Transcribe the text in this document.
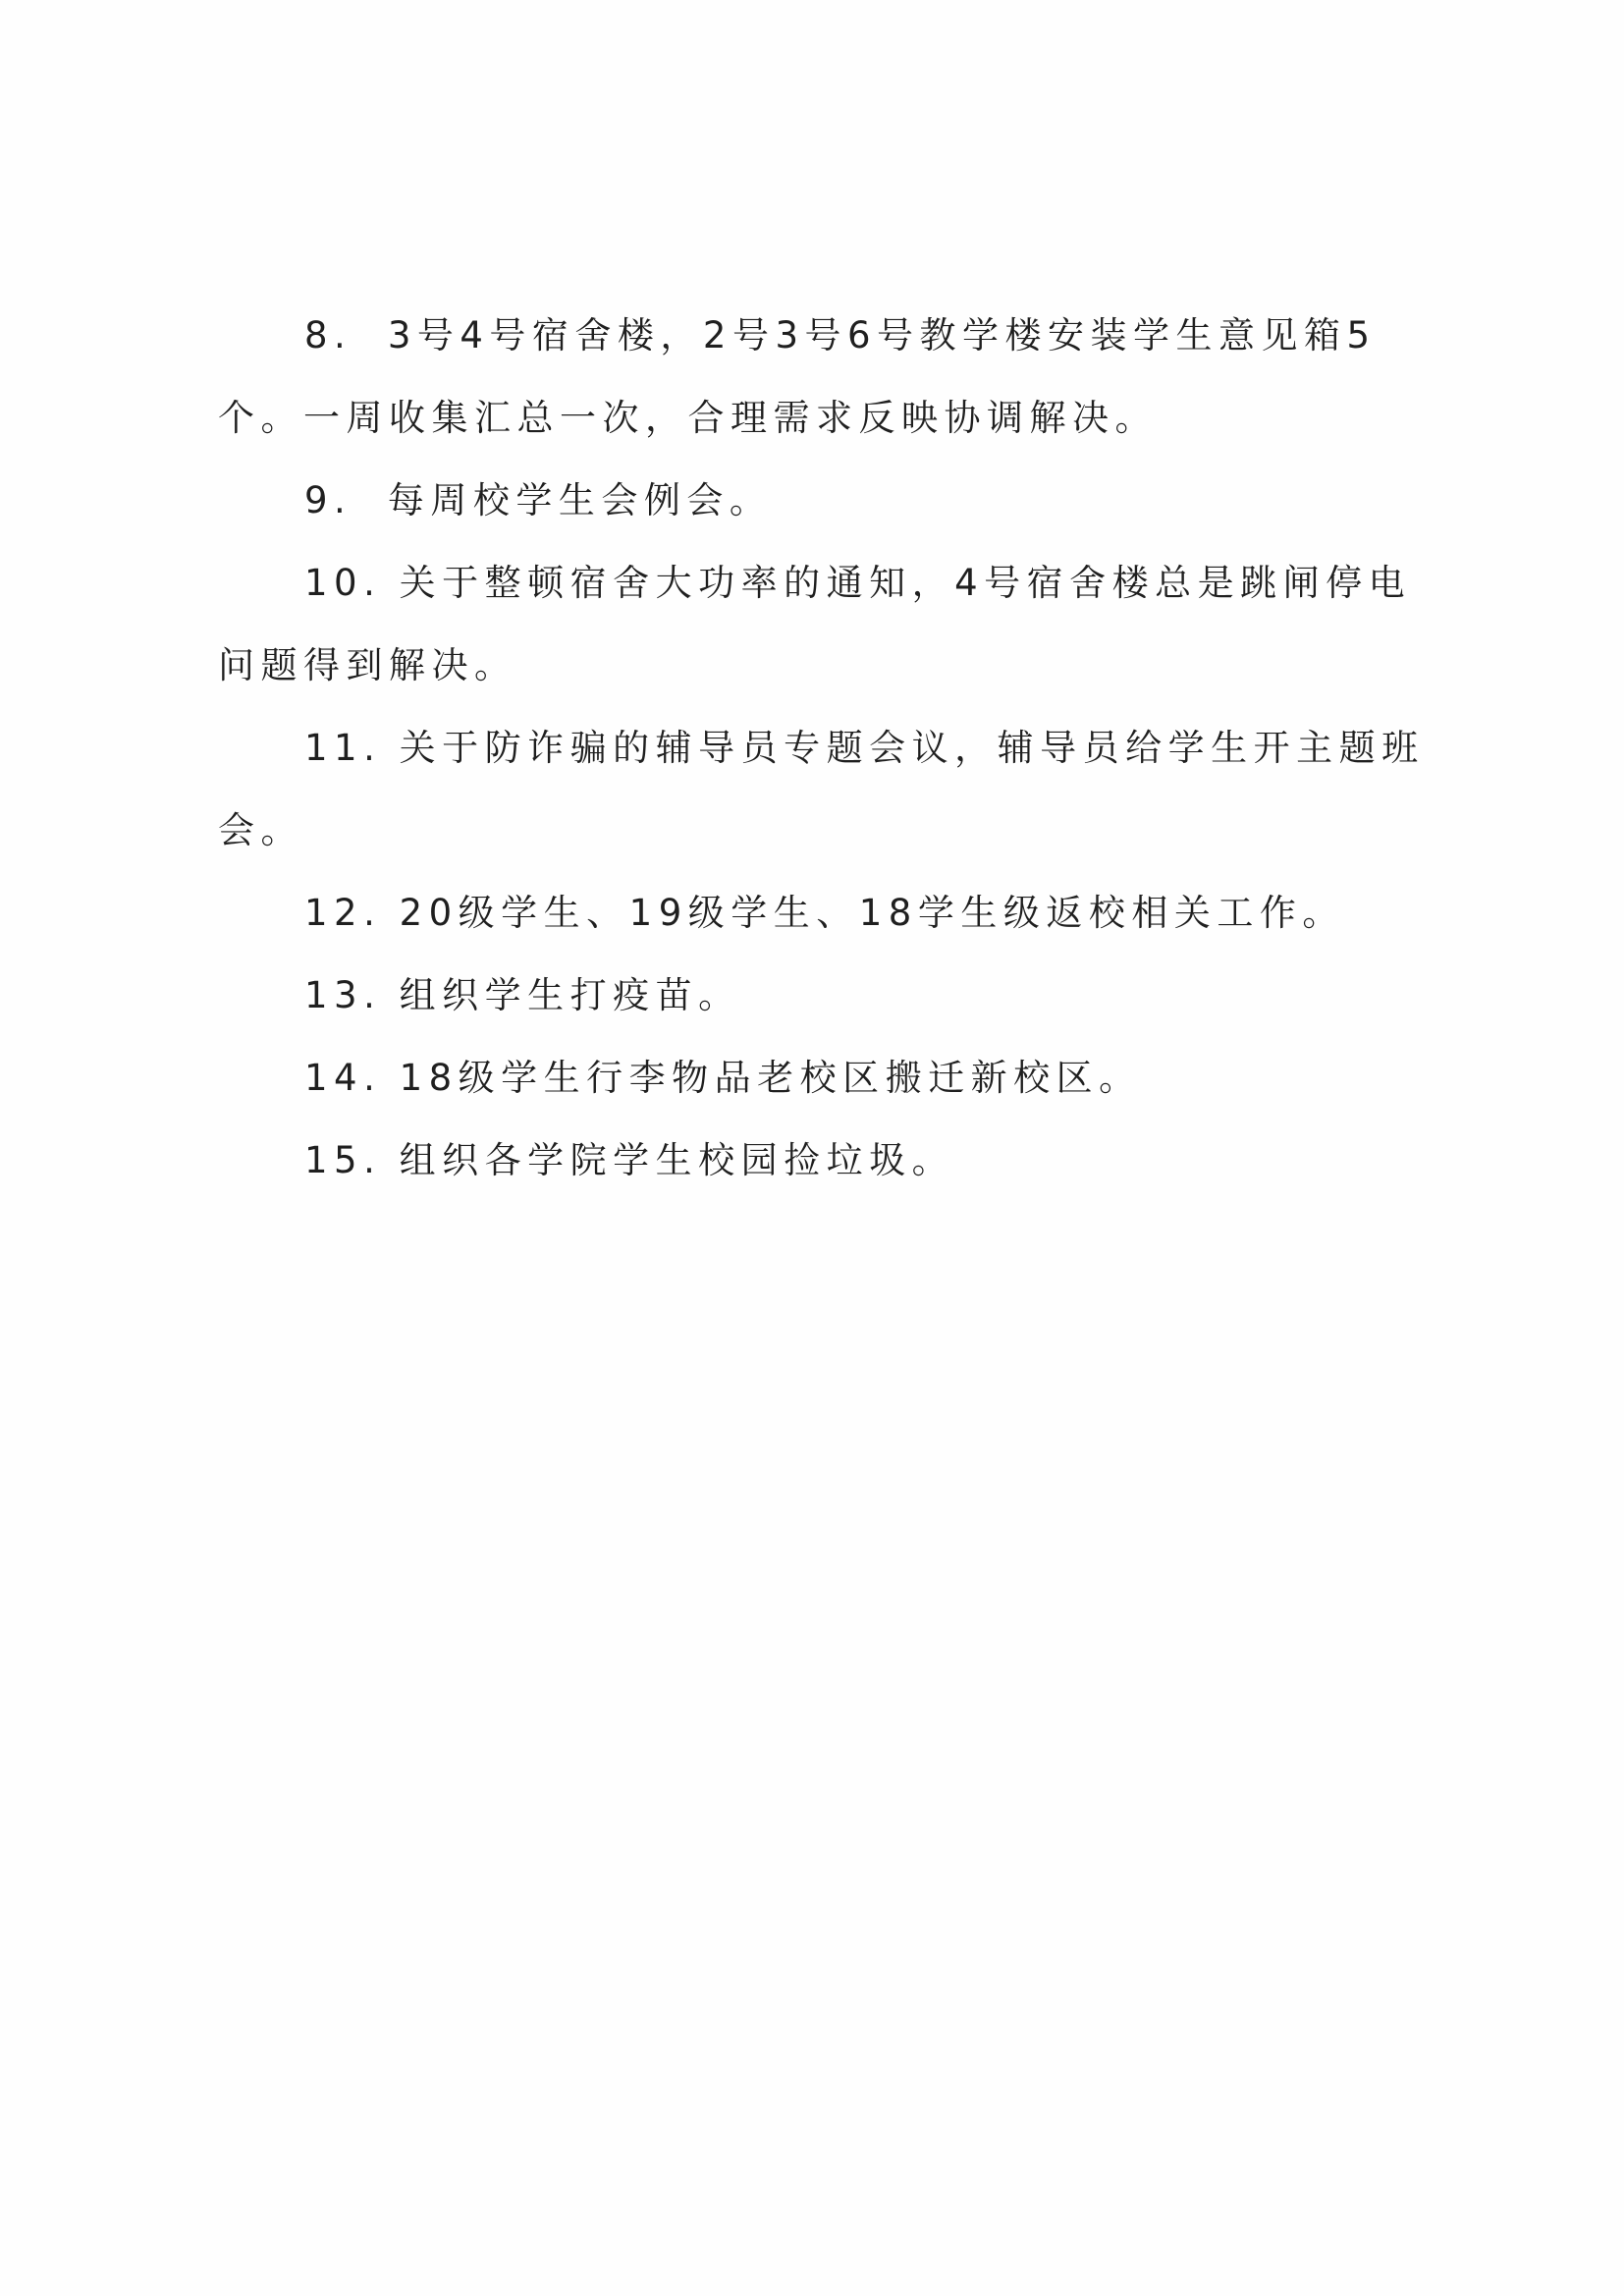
8.  3号4号宿舍楼，2号3号6号教学楼安装学生意见箱5个。一周收集汇总一次，合理需求反映协调解决。

9.  每周校学生会例会。

10. 关于整顿宿舍大功率的通知，4号宿舍楼总是跳闸停电问题得到解决。

11. 关于防诈骗的辅导员专题会议，辅导员给学生开主题班会。

12. 20级学生、19级学生、18学生级返校相关工作。

13. 组织学生打疫苗。

14. 18级学生行李物品老校区搬迁新校区。

15. 组织各学院学生校园捡垃圾。
